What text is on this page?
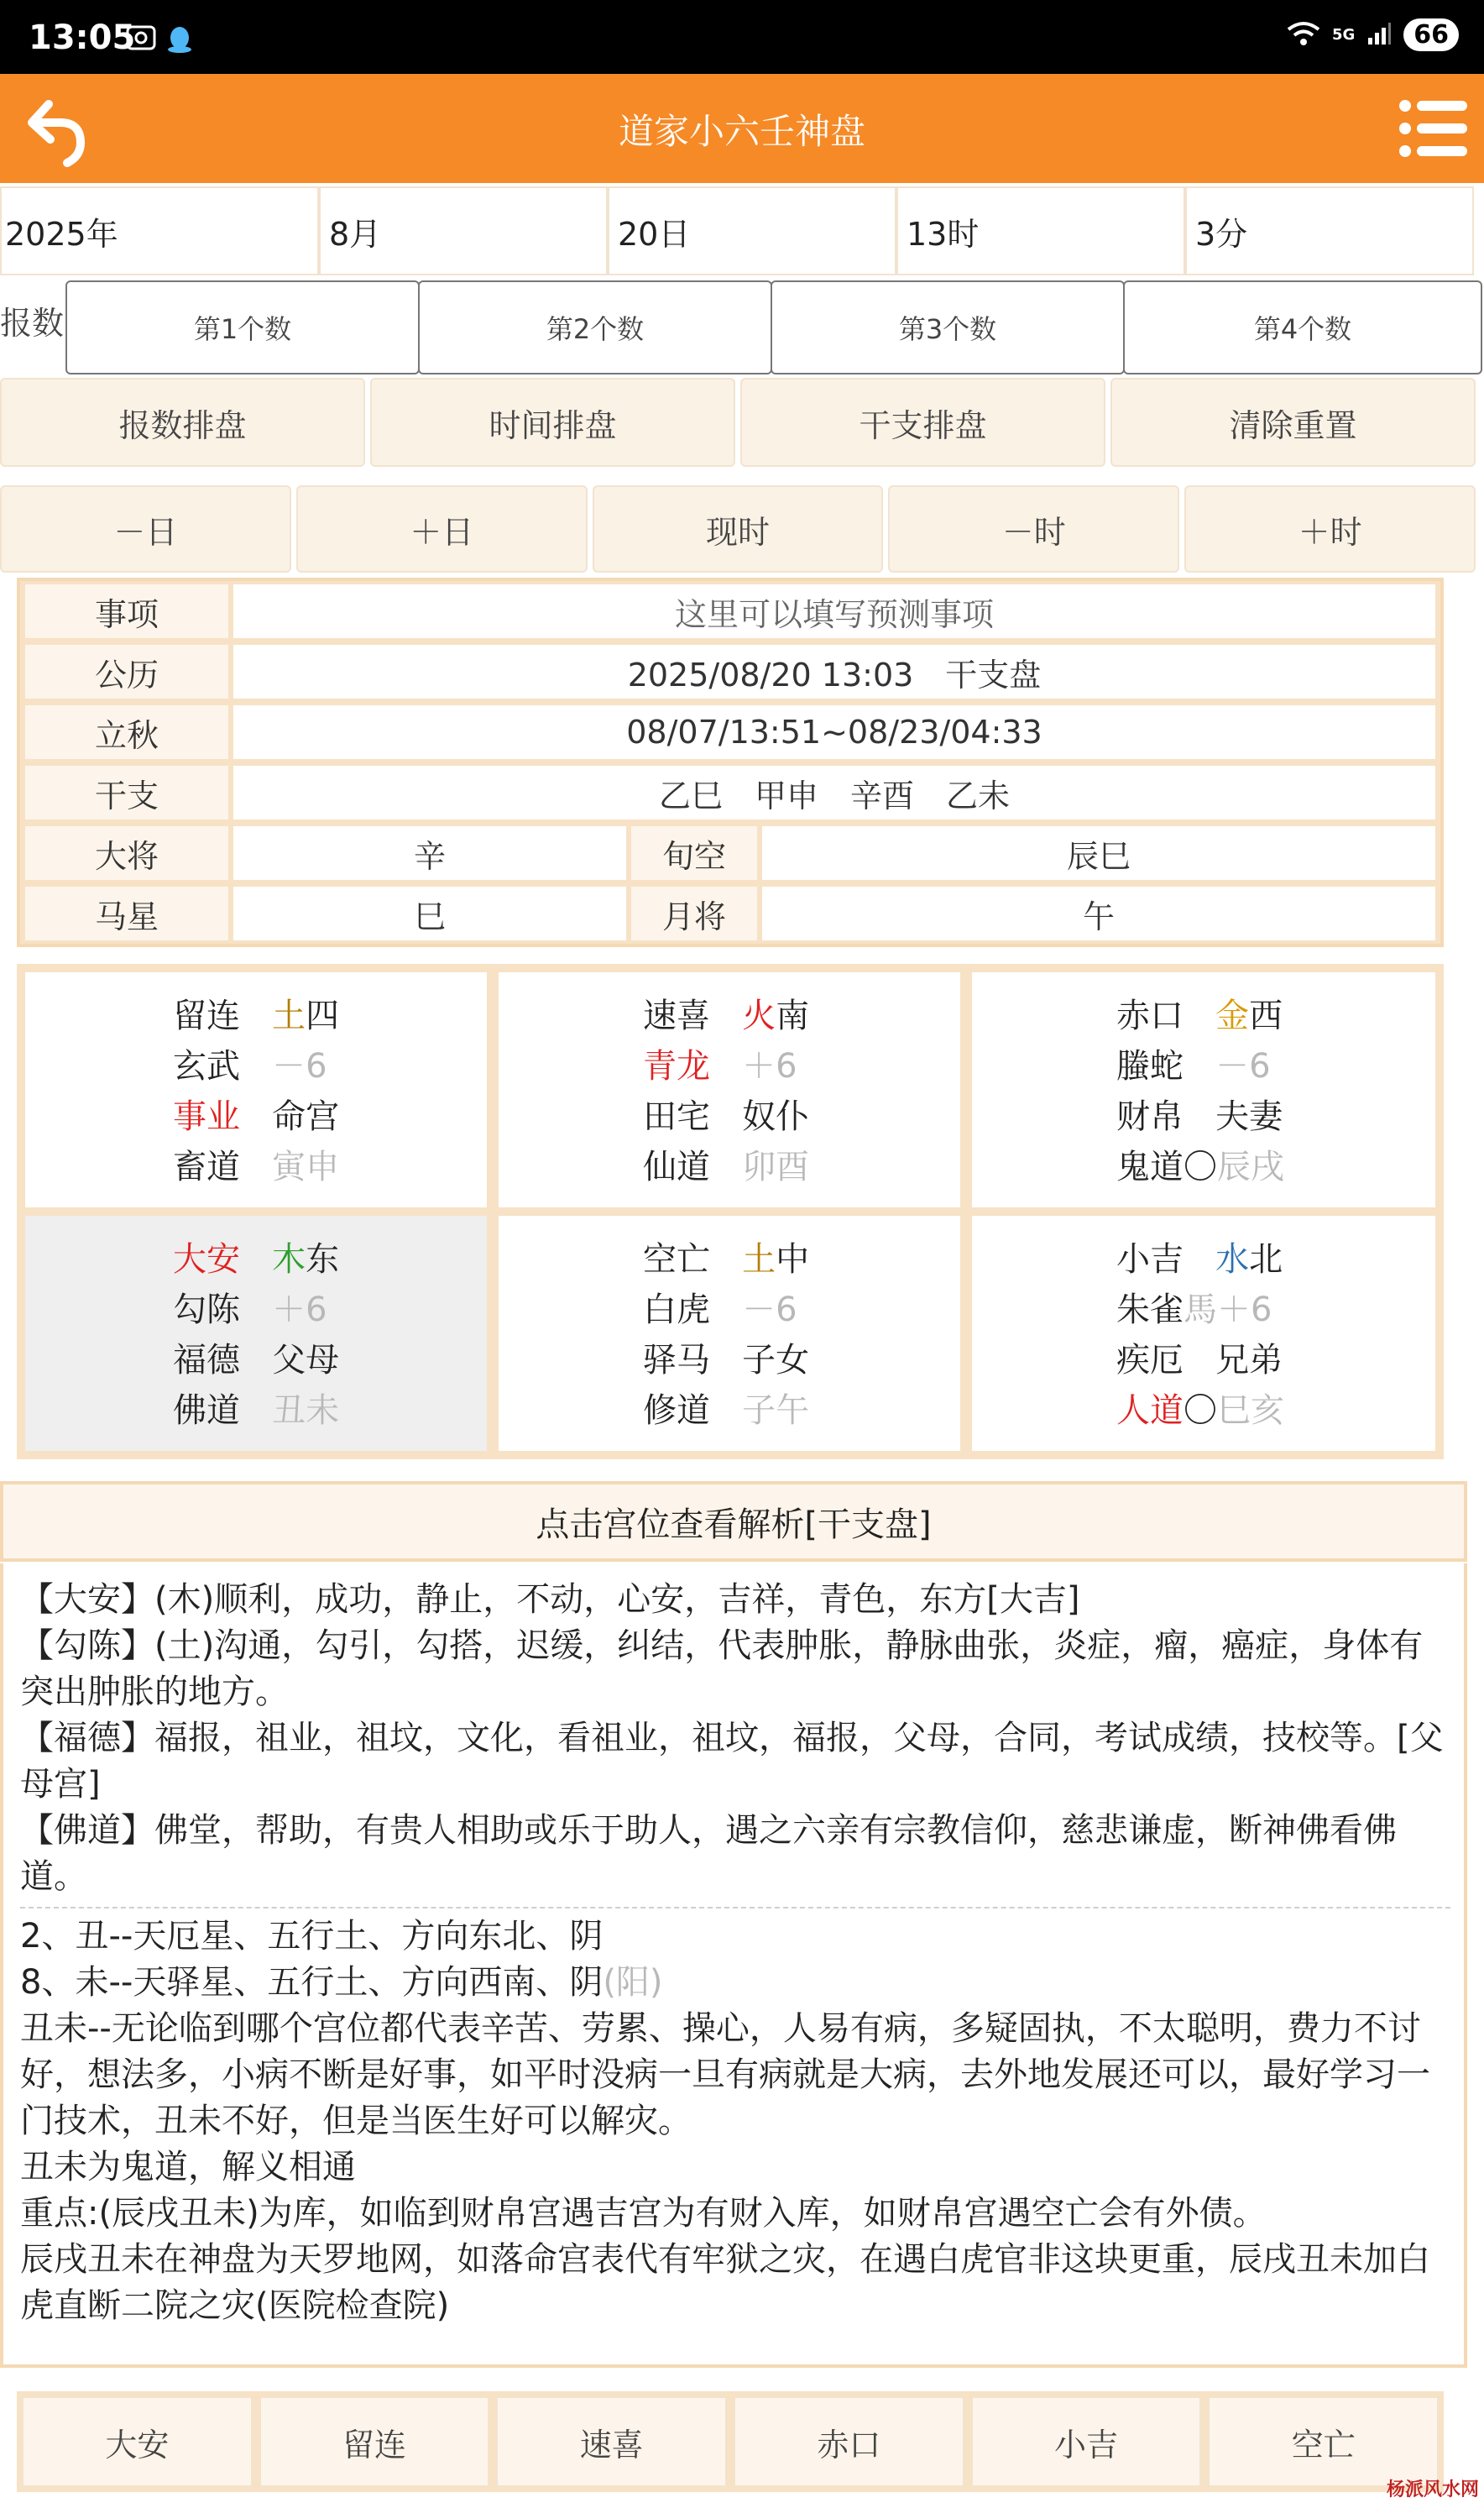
13:05	5G	66
道家小六壬神盘
2025年	8月	20日	13时	3分
报数	第1个数	第2个数	第3个数	第4个数
报数排盘	时间排盘	干支排盘	清除重置
－日	＋日	现时	－时	＋时
事项	这里可以填写预测事项
公历	2025/08/20 13:03　干支盘
立秋	08/07/13:51~08/23/04:33
干支	乙巳　甲申　辛酉　乙未
大将	辛	旬空	辰巳
马星	巳	月将	午
留连 土四
玄武 －6
事业 命宫
畜道 寅申
速喜 火南
青龙 ＋6
田宅 奴仆
仙道 卯酉
赤口 金西
螣蛇 －6
财帛 夫妻
鬼道〇辰戌
大安 木东
勾陈 ＋6
福德 父母
佛道 丑未
空亡 土中
白虎 －6
驿马 子女
修道 子午
小吉 水北
朱雀馬＋6
疾厄 兄弟
人道〇巳亥
点击宫位查看解析[干支盘]

【大安】(木)顺利，成功，静止，不动，心安，吉祥，青色，东方[大吉]

【勾陈】(土)沟通，勾引，勾搭，迟缓，纠结，代表肿胀，静脉曲张，炎症，瘤，癌症，身体有突出肿胀的地方。

【福德】福报，祖业，祖坟，文化，看祖业，祖坟，福报，父母，合同，考试成绩，技校等。[父母宫]

【佛道】佛堂，帮助，有贵人相助或乐于助人，遇之六亲有宗教信仰，慈悲谦虚，断神佛看佛道。

2、丑--天厄星、五行土、方向东北、阴

8、未--天驿星、五行土、方向西南、阴(阳)

丑未--无论临到哪个宫位都代表辛苦、劳累、操心，人易有病，多疑固执，不太聪明，费力不讨好，想法多，小病不断是好事，如平时没病一旦有病就是大病，去外地发展还可以，最好学习一门技术，丑未不好，但是当医生好可以解灾。

丑未为鬼道，解义相通

重点:(辰戌丑未)为库，如临到财帛宫遇吉宫为有财入库，如财帛宫遇空亡会有外债。

辰戌丑未在神盘为天罗地网，如落命宫表代有牢狱之灾，在遇白虎官非这块更重，辰戌丑未加白虎直断二院之灾(医院检查院)

大安	留连	速喜	赤口	小吉	空亡
杨派风水网
